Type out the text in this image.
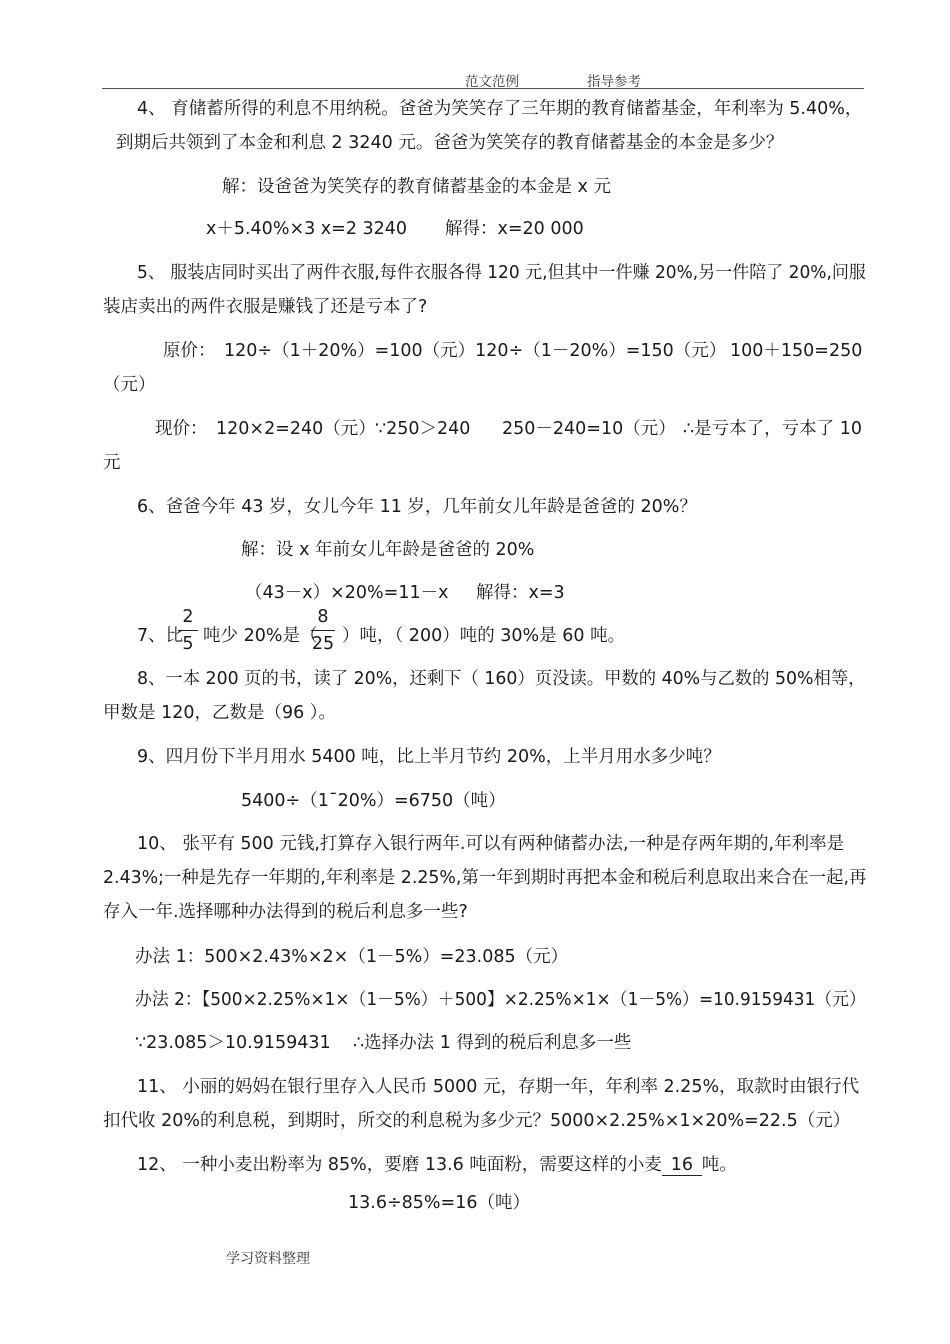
范文范例	指导参考
4、 育储蓄所得的利息不用纳税。爸爸为笑笑存了三年期的教育储蓄基金，年利率为 5.40%，
到期后共领到了本金和利息 2 3240 元。爸爸为笑笑存的教育储蓄基金的本金是多少？
解：设爸爸为笑笑存的教育储蓄基金的本金是 x 元
x＋5.40%×3 x=2 3240 解得：x=20 000
5、 服装店同时买出了两件衣服,每件衣服各得 120 元,但其中一件赚 20%,另一件陪了 20%,问服
装店卖出的两件衣服是赚钱了还是亏本了?
原价： 120÷（1＋20%）=100（元）120÷（1－20%）=150（元） 100＋150=250
（元）
现价： 120×2=240（元） ∵250＞240 250－240=10（元） ∴是亏本了，亏本了 10
元
6、爸爸今年 43 岁，女儿今年 11 岁，几年前女儿年龄是爸爸的 20%？
解：设 x 年前女儿年龄是爸爸的 20%
（43－x）×20%=11－x 解得：x=3
7、比
2
5 吨少 20%是（
8
25 ）吨，（ 200）吨的 30%是 60 吨。
8、一本 200 页的书，读了 20%，还剩下（ 160）页没读。甲数的 40%与乙数的 50%相等，
甲数是 120，乙数是（96 ）。
9、四月份下半月用水 5400 吨，比上半月节约 20%，上半月用水多少吨？
5400÷（1¯20%）=6750（吨）
10、 张平有 500 元钱,打算存入银行两年.可以有两种储蓄办法,一种是存两年期的,年利率是
2.43%;一种是先存一年期的,年利率是 2.25%,第一年到期时再把本金和税后利息取出来合在一起,再
存入一年.选择哪种办法得到的税后利息多一些?
办法 1：500×2.43%×2×（1－5%）=23.085（元）
办法 2：【500×2.25%×1×（1－5%）＋500】×2.25%×1×（1－5%）=10.9159431（元）
∵23.085＞10.9159431 ∴选择办法 1 得到的税后利息多一些
11、 小丽的妈妈在银行里存入人民币 5000 元，存期一年，年利率 2.25%，取款时由银行代
扣代收 20%的利息税，到期时，所交的利息税为多少元？5000×2.25%×1×20%=22.5（元）
12、 一种小麦出粉率为 85%，要磨 13.6 吨面粉，需要这样的小麦 16 吨。
13.6÷85%=16（吨）
学习资料整理
